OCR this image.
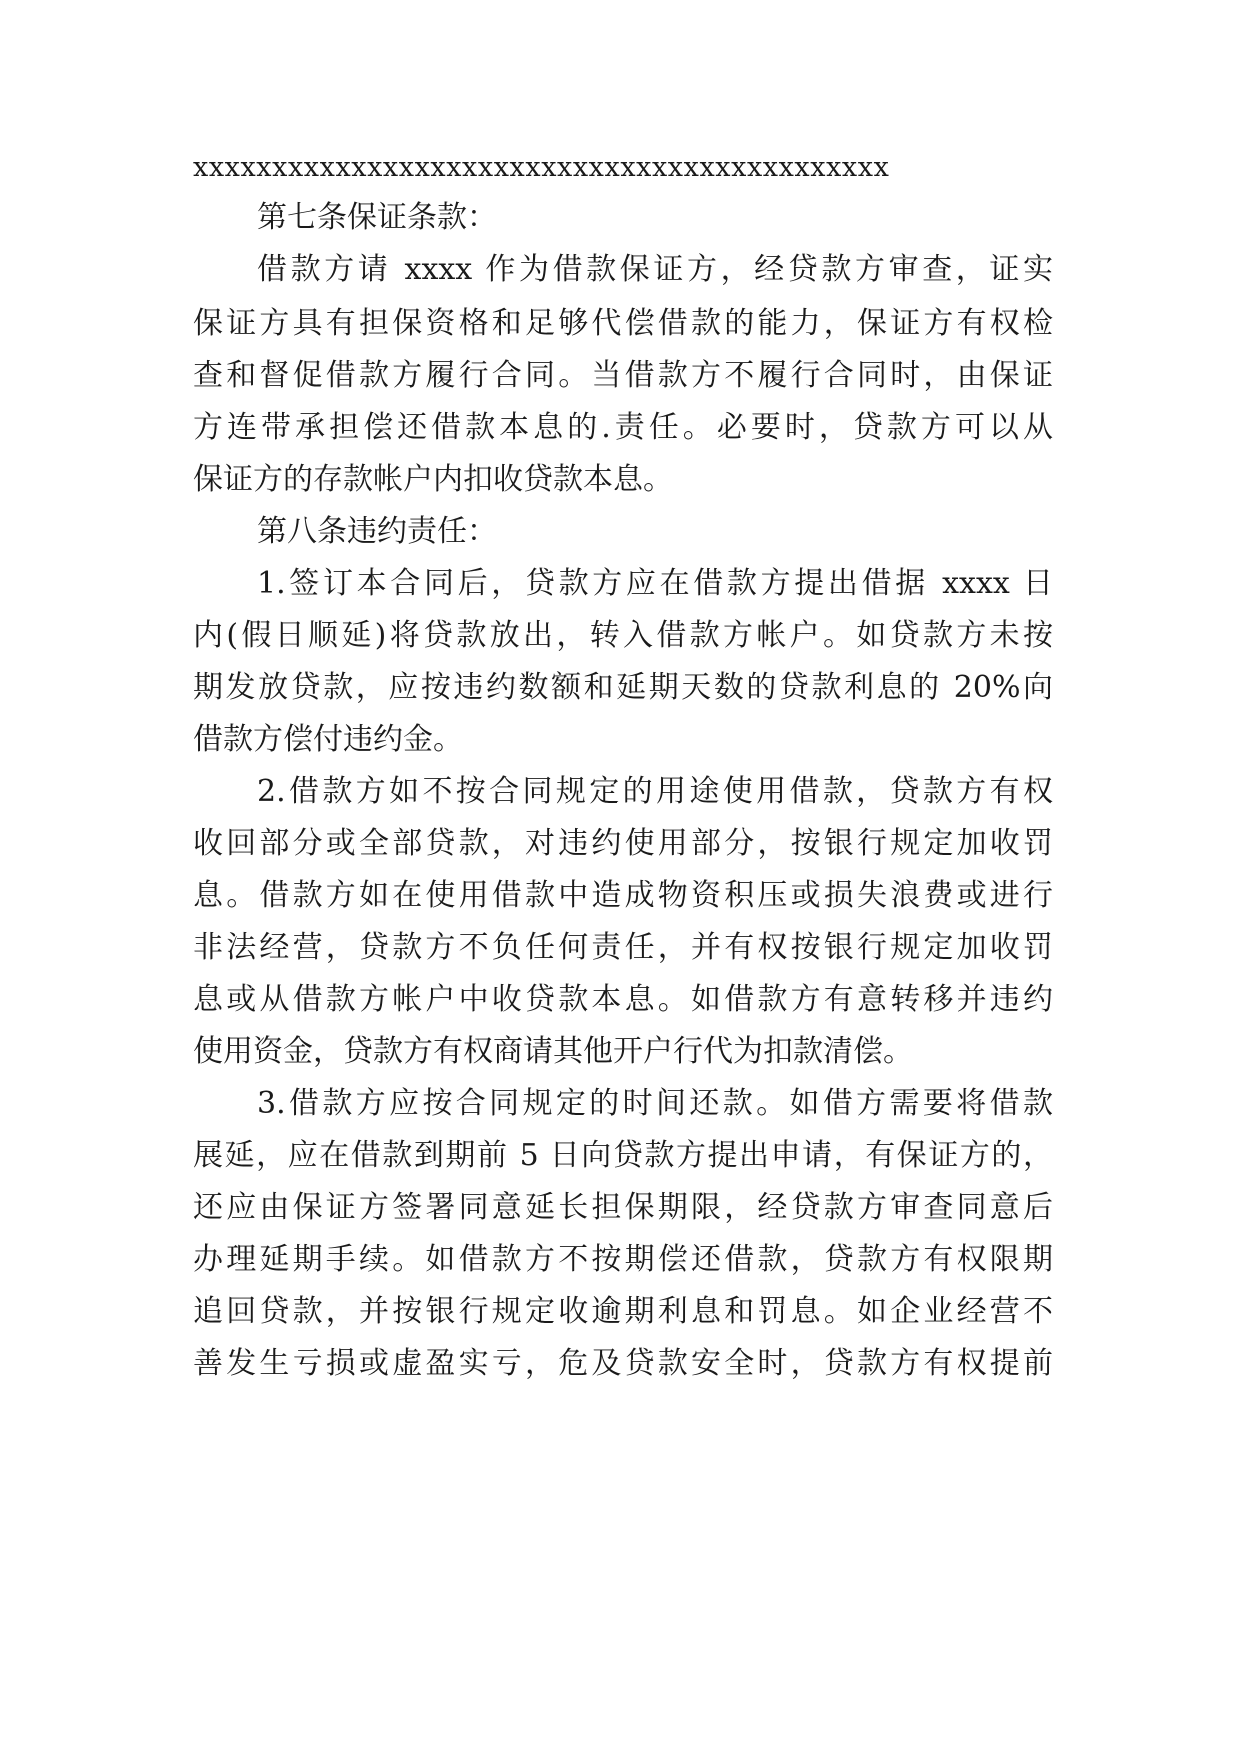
xxxxxxxxxxxxxxxxxxxxxxxxxxxxxxxxxxxxxxxxxxxx
第七条保证条款：
借款方请 xxxx 作为借款保证方，经贷款方审查，证实
保证方具有担保资格和足够代偿借款的能力，保证方有权检
查和督促借款方履行合同。当借款方不履行合同时，由保证
方连带承担偿还借款本息的.责任。必要时，贷款方可以从
保证方的存款帐户内扣收贷款本息。
第八条违约责任：
1.签订本合同后，贷款方应在借款方提出借据 xxxx 日
内(假日顺延)将贷款放出，转入借款方帐户。如贷款方未按
期发放贷款，应按违约数额和延期天数的贷款利息的 20%向
借款方偿付违约金。
2.借款方如不按合同规定的用途使用借款，贷款方有权
收回部分或全部贷款，对违约使用部分，按银行规定加收罚
息。借款方如在使用借款中造成物资积压或损失浪费或进行
非法经营，贷款方不负任何责任，并有权按银行规定加收罚
息或从借款方帐户中收贷款本息。如借款方有意转移并违约
使用资金，贷款方有权商请其他开户行代为扣款清偿。
3.借款方应按合同规定的时间还款。如借方需要将借款
展延，应在借款到期前 5 日向贷款方提出申请，有保证方的，
还应由保证方签署同意延长担保期限，经贷款方审查同意后
办理延期手续。如借款方不按期偿还借款，贷款方有权限期
追回贷款，并按银行规定收逾期利息和罚息。如企业经营不
善发生亏损或虚盈实亏，危及贷款安全时，贷款方有权提前
